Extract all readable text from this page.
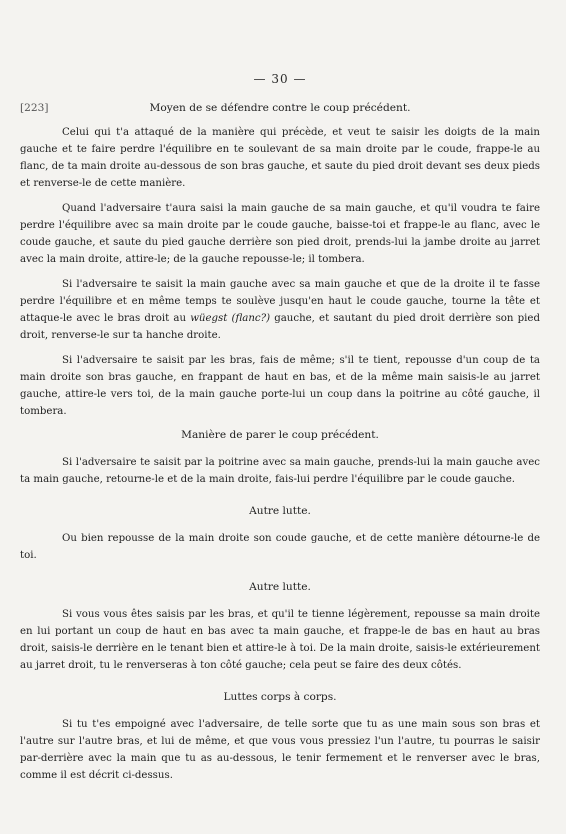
— 30 —
[223]	Moyen de se défendre contre le coup précédent.

Celui qui t'a attaqué de la manière qui précède, et veut te saisir les doigts de la main gauche et te faire perdre l'équilibre en te soulevant de sa main droite par le coude, frappe-le au flanc, de ta main droite au-dessous de son bras gauche, et saute du pied droit devant ses deux pieds et renverse-le de cette manière.

Quand l'adversaire t'aura saisi la main gauche de sa main gauche, et qu'il voudra te faire perdre l'équilibre avec sa main droite par le coude gauche, baisse-toi et frappe-le au flanc, avec le coude gauche, et saute du pied gauche derrière son pied droit, prends-lui la jambe droite au jarret avec la main droite, attire-le; de la gauche repousse-le; il tombera.

Si l'adversaire te saisit la main gauche avec sa main gauche et que de la droite il te fasse perdre l'équilibre et en même temps te soulève jusqu'en haut le coude gauche, tourne la tête et attaque-le avec le bras droit au wüegst (flanc?) gauche, et sautant du pied droit derrière son pied droit, renverse-le sur ta hanche droite.

Si l'adversaire te saisit par les bras, fais de même; s'il te tient, repousse d'un coup de ta main droite son bras gauche, en frappant de haut en bas, et de la même main saisis-le au jarret gauche, attire-le vers toi, de la main gauche porte-lui un coup dans la poitrine au côté gauche, il tombera.

Manière de parer le coup précédent.

Si l'adversaire te saisit par la poitrine avec sa main gauche, prends-lui la main gauche avec ta main gauche, retourne-le et de la main droite, fais-lui perdre l'équilibre par le coude gauche.

Autre lutte.

Ou bien repousse de la main droite son coude gauche, et de cette manière détourne-le de toi.

Autre lutte.

Si vous vous êtes saisis par les bras, et qu'il te tienne légèrement, repousse sa main droite en lui portant un coup de haut en bas avec ta main gauche, et frappe-le de bas en haut au bras droit, saisis-le derrière en le tenant bien et attire-le à toi. De la main droite, saisis-le extérieurement au jarret droit, tu le renverseras à ton côté gauche; cela peut se faire des deux côtés.

Luttes corps à corps.

Si tu t'es empoigné avec l'adversaire, de telle sorte que tu as une main sous son bras et l'autre sur l'autre bras, et lui de même, et que vous vous pressiez l'un l'autre, tu pourras le saisir par-derrière avec la main que tu as au-dessous, le tenir fermement et le renverser avec le bras, comme il est décrit ci-dessus.
